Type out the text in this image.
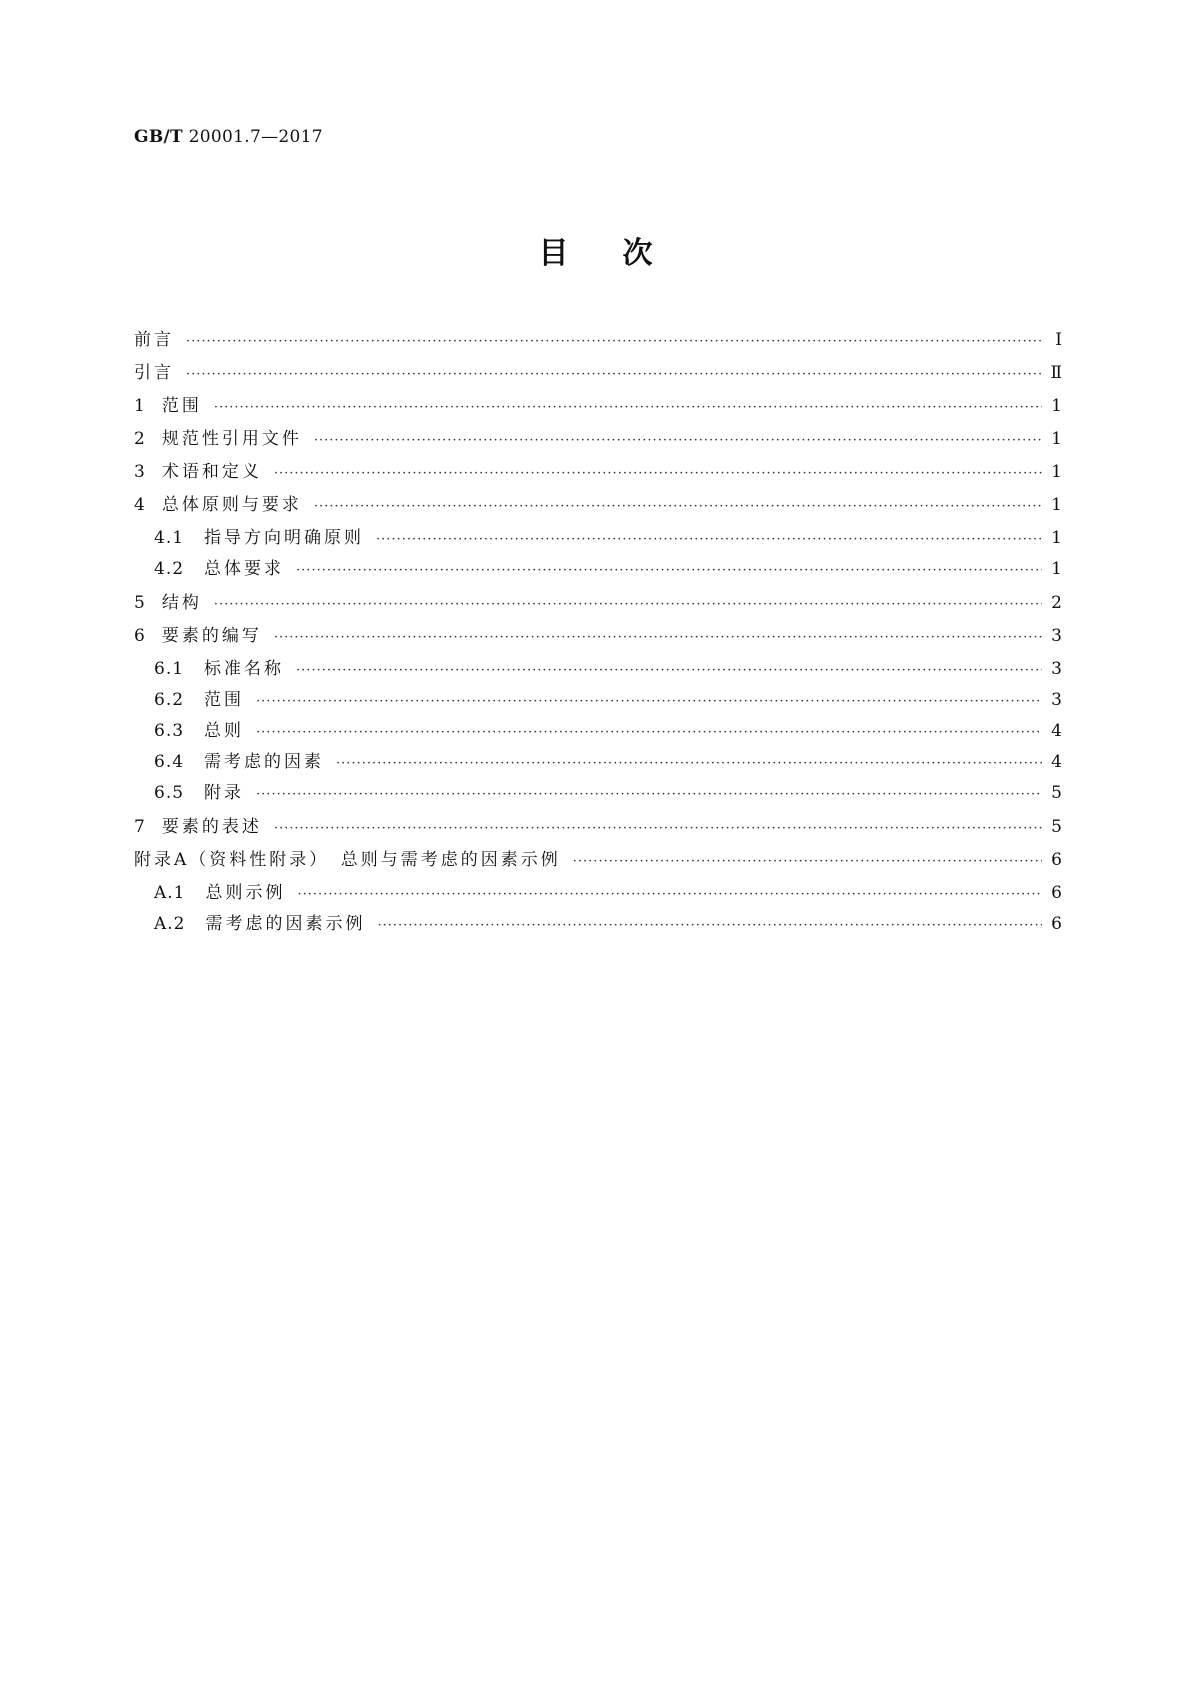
GB/T 20001.7—2017
目次
前言 ·····	Ⅰ
引言 ·····	Ⅱ
1 范围 ·····	1
2 规范性引用文件 ·····	1
3 术语和定义 ·····	1
4 总体原则与要求 ·····	1
4.1 指导方向明确原则 ·····	1
4.2 总体要求 ·····	1
5 结构 ·····	2
6 要素的编写 ·····	3
6.1 标准名称 ·····	3
6.2 范围 ·····	3
6.3 总则 ·····	4
6.4 需考虑的因素 ·····	4
6.5 附录 ·····	5
7 要素的表述 ·····	5
附录A（资料性附录）　总则与需考虑的因素示例 ·····	6
A.1 总则示例 ·····	6
A.2 需考虑的因素示例 ·····	6
